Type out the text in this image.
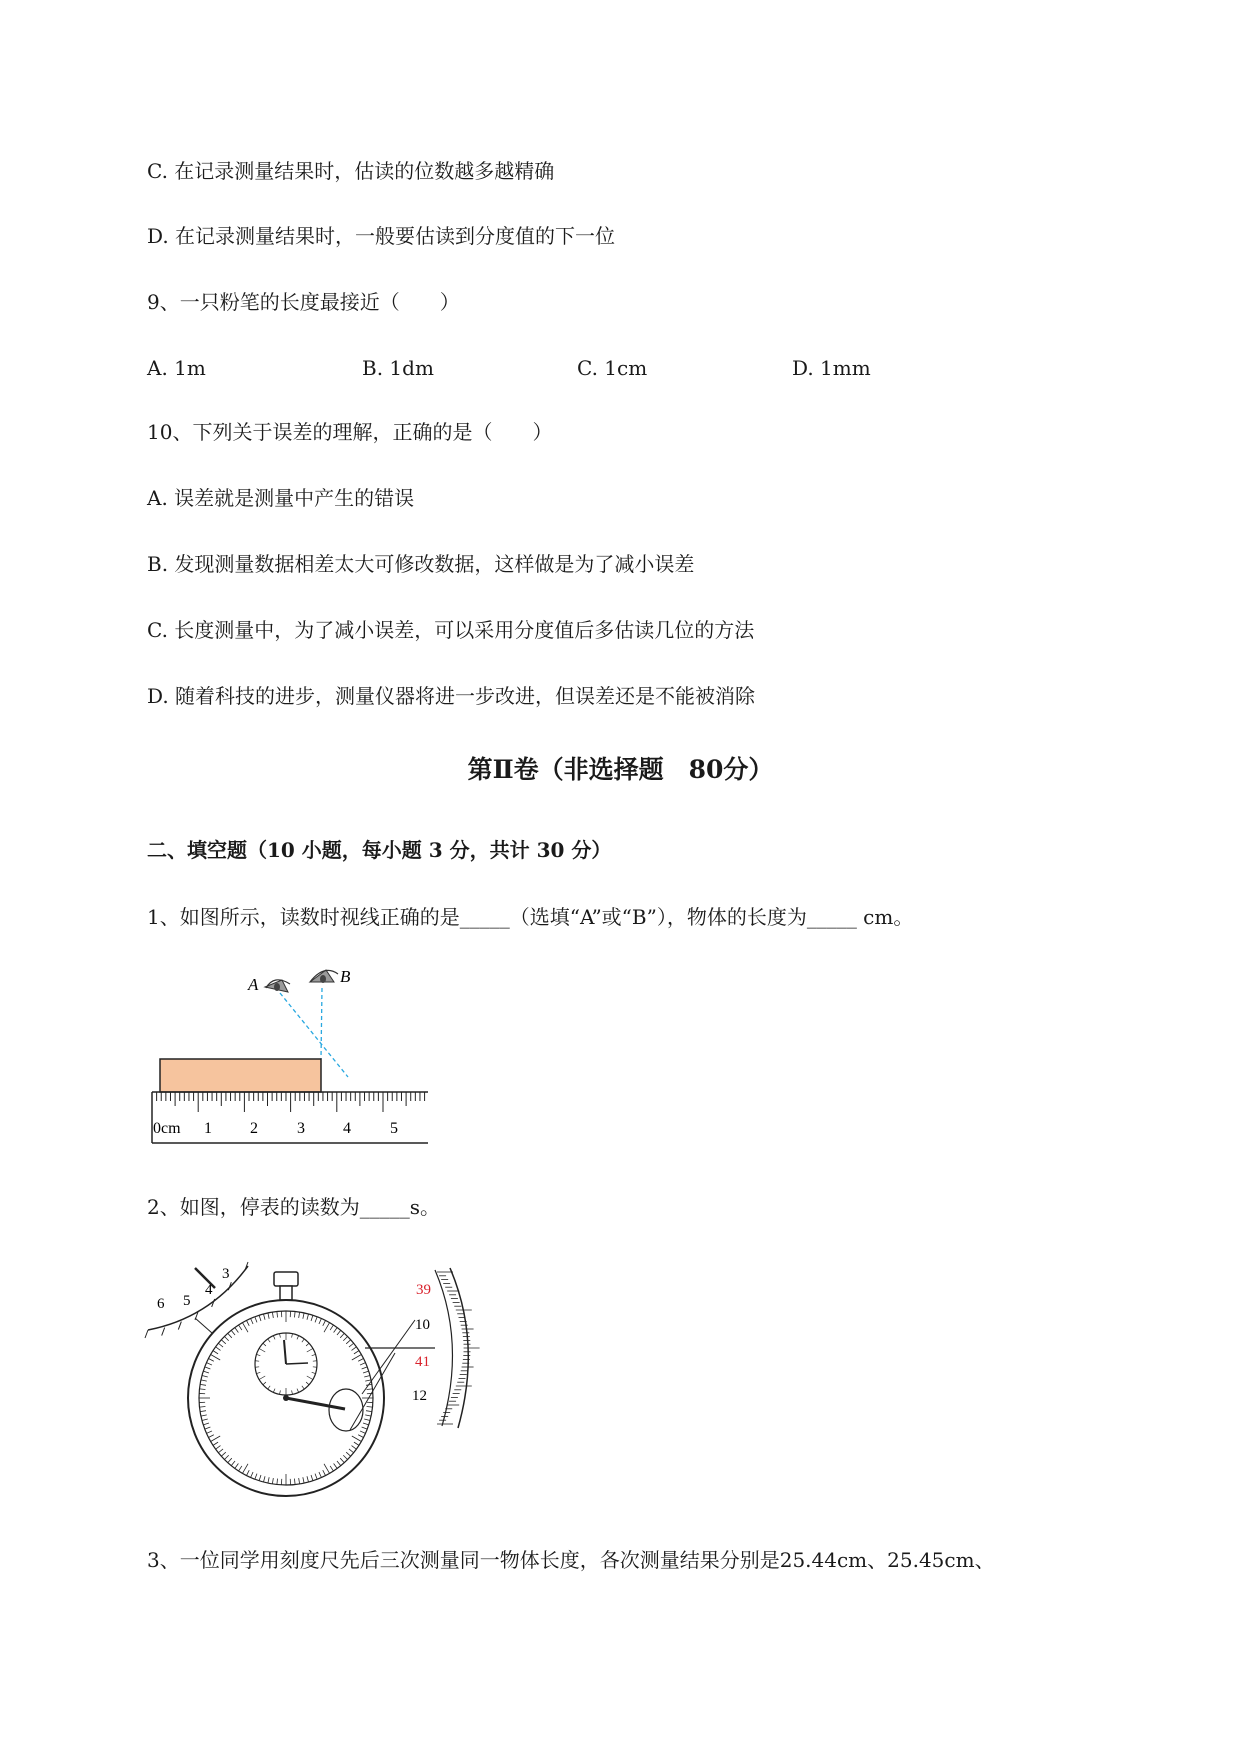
C. 在记录测量结果时，估读的位数越多越精确
D. 在记录测量结果时，一般要估读到分度值的下一位
9、一只粉笔的长度最接近（　　）
A. 1m	B. 1dm	C. 1cm	D. 1mm
10、下列关于误差的理解，正确的是（　　）
A. 误差就是测量中产生的错误
B. 发现测量数据相差太大可修改数据，这样做是为了减小误差
C. 长度测量中，为了减小误差，可以采用分度值后多估读几位的方法
D. 随着科技的进步，测量仪器将进一步改进，但误差还是不能被消除
第Ⅱ卷（非选择题　80分）
二、填空题（10 小题，每小题 3 分，共计 30 分）
1、如图所示，读数时视线正确的是_____（选填“A”或“B”），物体的长度为_____ cm。
A	B
0cm 1 2 3 4 5
2、如图，停表的读数为_____s。
6 5
4
3
39
10
41
12
3、一位同学用刻度尺先后三次测量同一物体长度，各次测量结果分别是25.44cm、25.45cm、
